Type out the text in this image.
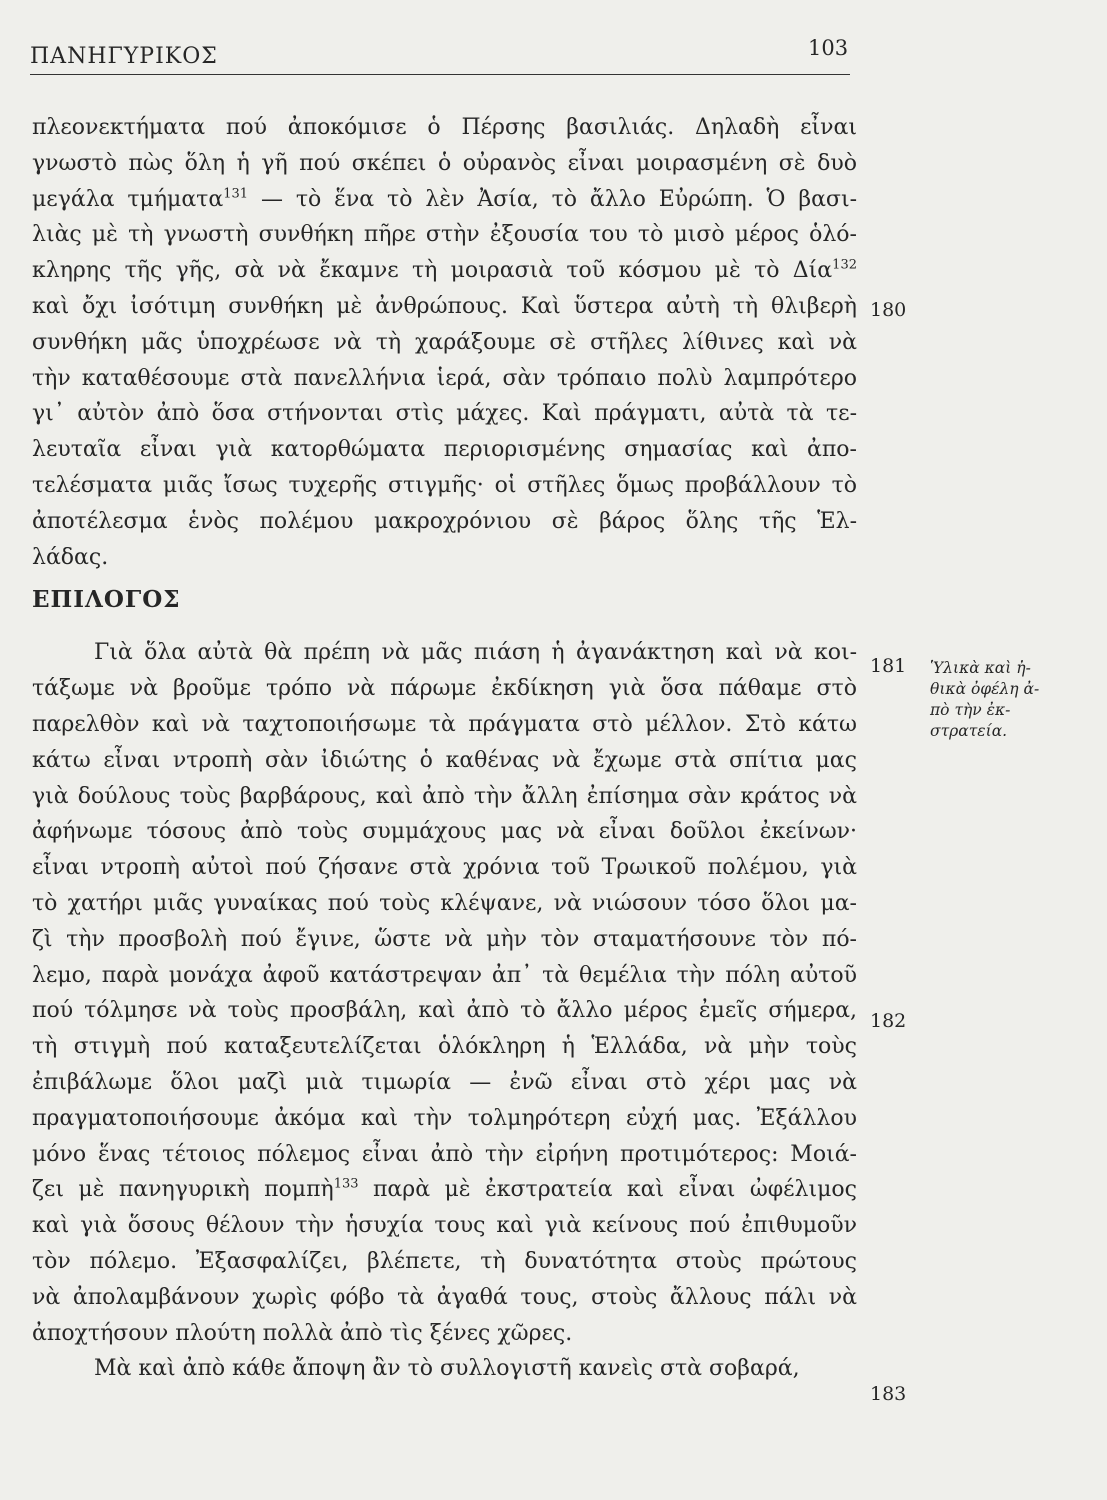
ΠΑΝΗΓΥΡΙΚΟΣ	103
πλεονεκτήματα πού ἀποκόμισε ὁ Πέρσης βασιλιάς. Δηλαδὴ εἶναι
γνωστὸ πὼς ὅλη ἡ γῆ πού σκέπει ὁ οὐρανὸς εἶναι μοιρασμένη σὲ δυὸ
μεγάλα τμήματα$^{131}$ — τὸ ἕνα τὸ λὲν Ἀσία, τὸ ἄλλο Εὐρώπη. Ὁ βασι-
λιὰς μὲ τὴ γνωστὴ συνθήκη πῆρε στὴν ἐξουσία του τὸ μισὸ μέρος ὁλό-
κληρης τῆς γῆς, σὰ νὰ ἔκαμνε τὴ μοιρασιὰ τοῦ κόσμου μὲ τὸ Δία$^{132}$
καὶ ὄχι ἰσότιμη συνθήκη μὲ ἀνθρώπους. Καὶ ὕστερα αὐτὴ τὴ θλιβερὴ
συνθήκη μᾶς ὑποχρέωσε νὰ τὴ χαράξουμε σὲ στῆλες λίθινες καὶ νὰ
τὴν καταθέσουμε στὰ πανελλήνια ἱερά, σὰν τρόπαιο πολὺ λαμπρότερο
γι᾽ αὐτὸν ἀπὸ ὅσα στήνονται στὶς μάχες. Καὶ πράγματι, αὐτὰ τὰ τε-
λευταῖα εἶναι γιὰ κατορθώματα περιορισμένης σημασίας καὶ ἀπο-
τελέσματα μιᾶς ἴσως τυχερῆς στιγμῆς· οἱ στῆλες ὅμως προβάλλουν τὸ
ἀποτέλεσμα ἑνὸς πολέμου μακροχρόνιου σὲ βάρος ὅλης τῆς Ἑλ-
λάδας.
ΕΠΙΛΟΓΟΣ
Γιὰ ὅλα αὐτὰ θὰ πρέπη νὰ μᾶς πιάση ἡ ἀγανάκτηση καὶ νὰ κοι-
τάξωμε νὰ βροῦμε τρόπο νὰ πάρωμε ἐκδίκηση γιὰ ὅσα πάθαμε στὸ
παρελθὸν καὶ νὰ ταχτοποιήσωμε τὰ πράγματα στὸ μέλλον. Στὸ κάτω
κάτω εἶναι ντροπὴ σὰν ἰδιώτης ὁ καθένας νὰ ἔχωμε στὰ σπίτια μας
γιὰ δούλους τοὺς βαρβάρους, καὶ ἀπὸ τὴν ἄλλη ἐπίσημα σὰν κράτος νὰ
ἀφήνωμε τόσους ἀπὸ τοὺς συμμάχους μας νὰ εἶναι δοῦλοι ἐκείνων·
εἶναι ντροπὴ αὐτοὶ πού ζήσανε στὰ χρόνια τοῦ Τρωικοῦ πολέμου, γιὰ
τὸ χατήρι μιᾶς γυναίκας πού τοὺς κλέψανε, νὰ νιώσουν τόσο ὅλοι μα-
ζὶ τὴν προσβολὴ πού ἔγινε, ὥστε νὰ μὴν τὸν σταματήσουνε τὸν πό-
λεμο, παρὰ μονάχα ἀφοῦ κατάστρεψαν ἀπ᾽ τὰ θεμέλια τὴν πόλη αὐτοῦ
πού τόλμησε νὰ τοὺς προσβάλη, καὶ ἀπὸ τὸ ἄλλο μέρος ἐμεῖς σήμερα,
τὴ στιγμὴ πού καταξευτελίζεται ὁλόκληρη ἡ Ἑλλάδα, νὰ μὴν τοὺς
ἐπιβάλωμε ὅλοι μαζὶ μιὰ τιμωρία — ἐνῶ εἶναι στὸ χέρι μας νὰ
πραγματοποιήσουμε ἀκόμα καὶ τὴν τολμηρότερη εὐχή μας. Ἐξάλλου
μόνο ἕνας τέτοιος πόλεμος εἶναι ἀπὸ τὴν εἰρήνη προτιμότερος: Μοιά-
ζει μὲ πανηγυρικὴ πομπὴ$^{133}$ παρὰ μὲ ἐκστρατεία καὶ εἶναι ὠφέλιμος
καὶ γιὰ ὅσους θέλουν τὴν ἡσυχία τους καὶ γιὰ κείνους πού ἐπιθυμοῦν
τὸν πόλεμο. Ἐξασφαλίζει, βλέπετε, τὴ δυνατότητα στοὺς πρώτους
νὰ ἀπολαμβάνουν χωρὶς φόβο τὰ ἀγαθά τους, στοὺς ἄλλους πάλι νὰ
ἀποχτήσουν πλούτη πολλὰ ἀπὸ τὶς ξένες χῶρες.
Μὰ καὶ ἀπὸ κάθε ἄποψη ἂν τὸ συλλογιστῆ κανεὶς στὰ σοβαρά,
180
181
182
183
Ὑλικὰ καὶ ἠ-
θικὰ ὀφέλη ἀ-
πὸ τὴν ἐκ-
στρατεία.
